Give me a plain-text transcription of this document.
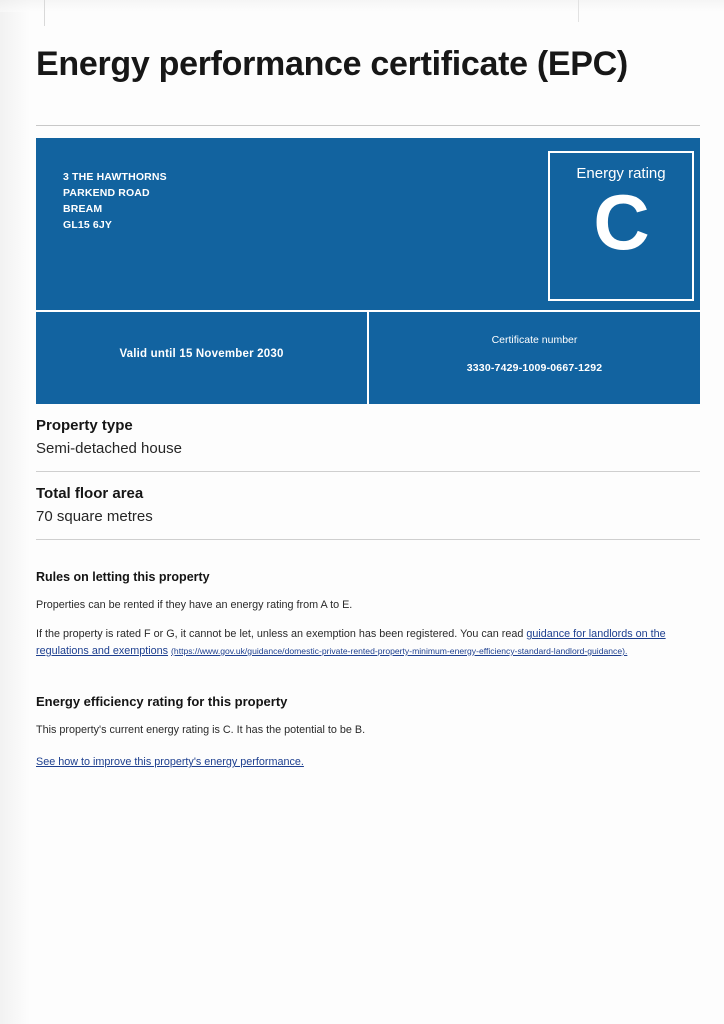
Energy performance certificate (EPC)
3 THE HAWTHORNS
PARKEND ROAD
BREAM
GL15 6JY
Energy rating
C
Valid until 15 November 2030
Certificate number
3330-7429-1009-0667-1292
Property type
Semi-detached house
Total floor area
70 square metres
Rules on letting this property
Properties can be rented if they have an energy rating from A to E.
If the property is rated F or G, it cannot be let, unless an exemption has been registered. You can read guidance for landlords on the regulations and exemptions (https://www.gov.uk/guidance/domestic-private-rented-property-minimum-energy-efficiency-standard-landlord-guidance).
Energy efficiency rating for this property
This property's current energy rating is C. It has the potential to be B.
See how to improve this property's energy performance.
